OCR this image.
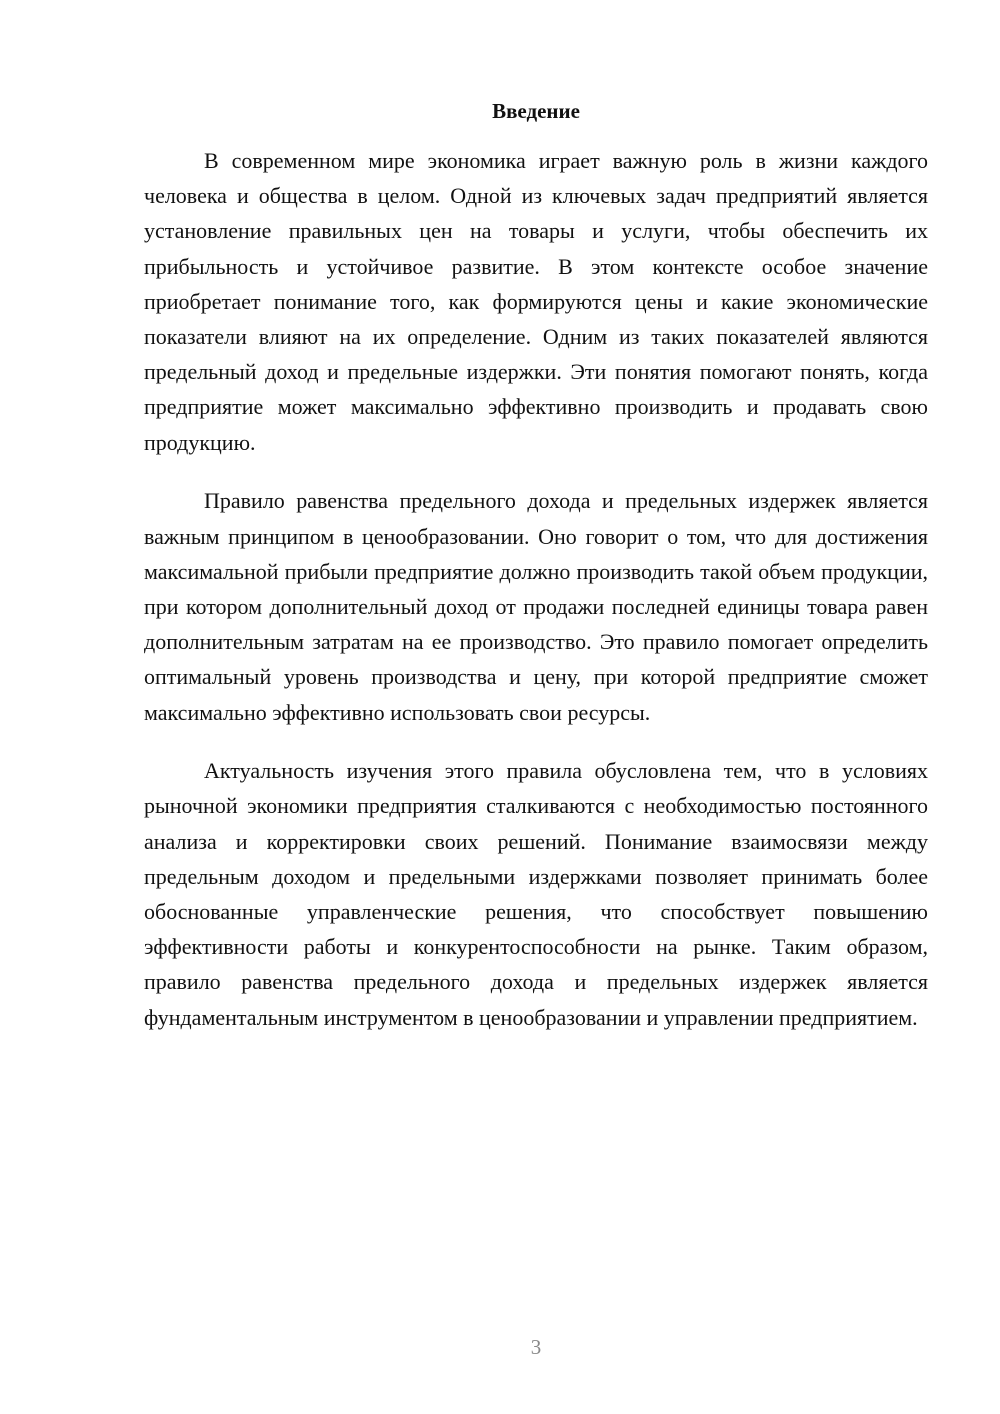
Введение

В современном мире экономика играет важную роль в жизни каждого человека и общества в целом. Одной из ключевых задач предприятий является установление правильных цен на товары и услуги, чтобы обеспечить их прибыльность и устойчивое развитие. В этом контексте особое значение приобретает понимание того, как формируются цены и какие экономические показатели влияют на их определение. Одним из таких показателей являются предельный доход и предельные издержки. Эти понятия помогают понять, когда предприятие может максимально эффективно производить и продавать свою продукцию.

Правило равенства предельного дохода и предельных издержек является важным принципом в ценообразовании. Оно говорит о том, что для достижения максимальной прибыли предприятие должно производить такой объем продукции, при котором дополнительный доход от продажи последней единицы товара равен дополнительным затратам на ее производство. Это правило помогает определить оптимальный уровень производства и цену, при которой предприятие сможет максимально эффективно использовать свои ресурсы.

Актуальность изучения этого правила обусловлена тем, что в условиях рыночной экономики предприятия сталкиваются с необходимостью постоянного анализа и корректировки своих решений. Понимание взаимосвязи между предельным доходом и предельными издержками позволяет принимать более обоснованные управленческие решения, что способствует повышению эффективности работы и конкурентоспособности на рынке. Таким образом, правило равенства предельного дохода и предельных издержек является фундаментальным инструментом в ценообразовании и управлении предприятием.

3
